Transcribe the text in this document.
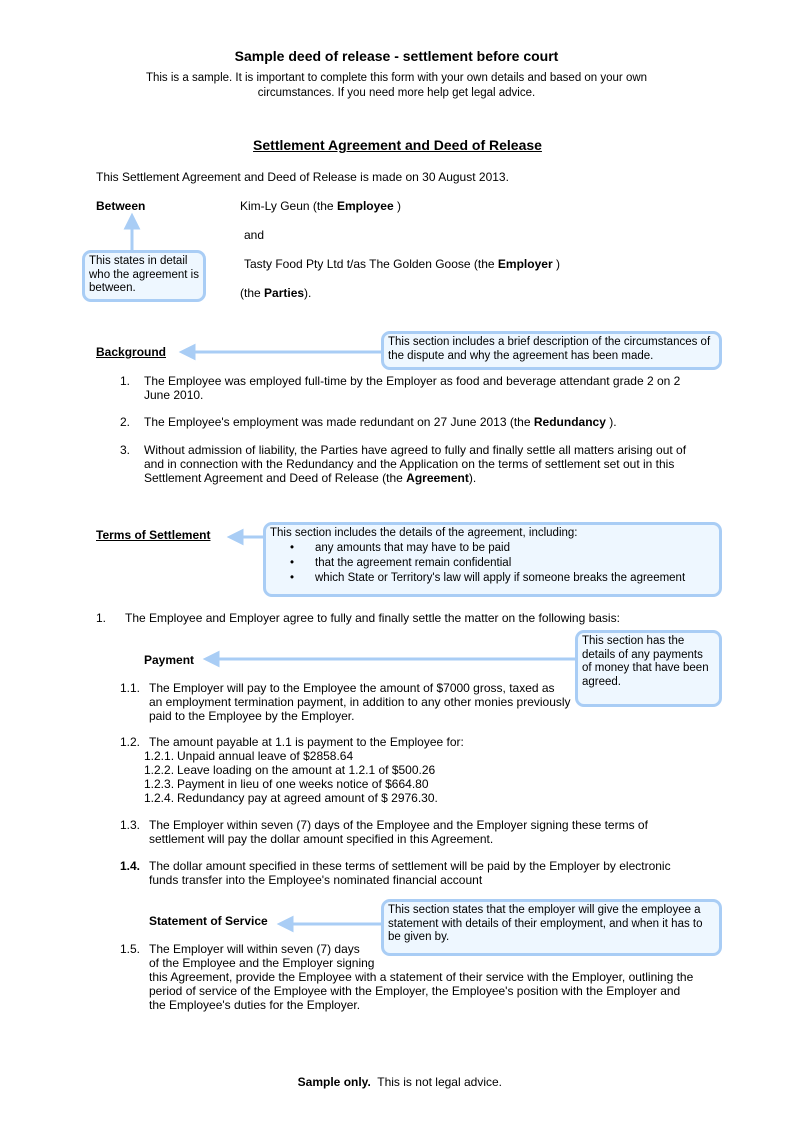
Sample deed of release - settlement before court
This is a sample. It is important to complete this form with your own details and based on your own
circumstances. If you need more help get legal advice.
Settlement Agreement and Deed of Release
This Settlement Agreement and Deed of Release is made on 30 August 2013.
Between	Kim-Ly Geun (the Employee )
and
Tasty Food Pty Ltd t/as The Golden Goose (the Employer )
(the Parties).
This states in detail who the agreement is between.
This section includes a brief description of the circumstances of the dispute and why the agreement has been made.
This section includes the details of the agreement, including:
• any amounts that may have to be paid
• that the agreement remain confidential
• which State or Territory's law will apply if someone breaks the agreement
This section has the details of any payments of money that have been agreed.
This section states that the employer will give the employee a statement with details of their employment, and when it has to be given by.
Background
1. The Employee was employed full-time by the Employer as food and beverage attendant grade 2 on 2
June 2010.
2. The Employee's employment was made redundant on 27 June 2013 (the Redundancy ).
3. Without admission of liability, the Parties have agreed to fully and finally settle all matters arising out of
and in connection with the Redundancy and the Application on the terms of settlement set out in this
Settlement Agreement and Deed of Release (the Agreement).
Terms of Settlement
1. The Employee and Employer agree to fully and finally settle the matter on the following basis:
Payment
1.1. The Employer will pay to the Employee the amount of $7000 gross, taxed as
an employment termination payment, in addition to any other monies previously
paid to the Employee by the Employer.
1.2. The amount payable at 1.1 is payment to the Employee for:
1.2.1. Unpaid annual leave of $2858.64
1.2.2. Leave loading on the amount at 1.2.1 of $500.26
1.2.3. Payment in lieu of one weeks notice of $664.80
1.2.4. Redundancy pay at agreed amount of $ 2976.30.
1.3. The Employer within seven (7) days of the Employee and the Employer signing these terms of
settlement will pay the dollar amount specified in this Agreement.
1.4. The dollar amount specified in these terms of settlement will be paid by the Employer by electronic
funds transfer into the Employee's nominated financial account
Statement of Service
1.5. The Employer will within seven (7) days
of the Employee and the Employer signing
this Agreement, provide the Employee with a statement of their service with the Employer, outlining the
period of service of the Employee with the Employer, the Employee's position with the Employer and
the Employee's duties for the Employer.

Sample only.  This is not legal advice.
